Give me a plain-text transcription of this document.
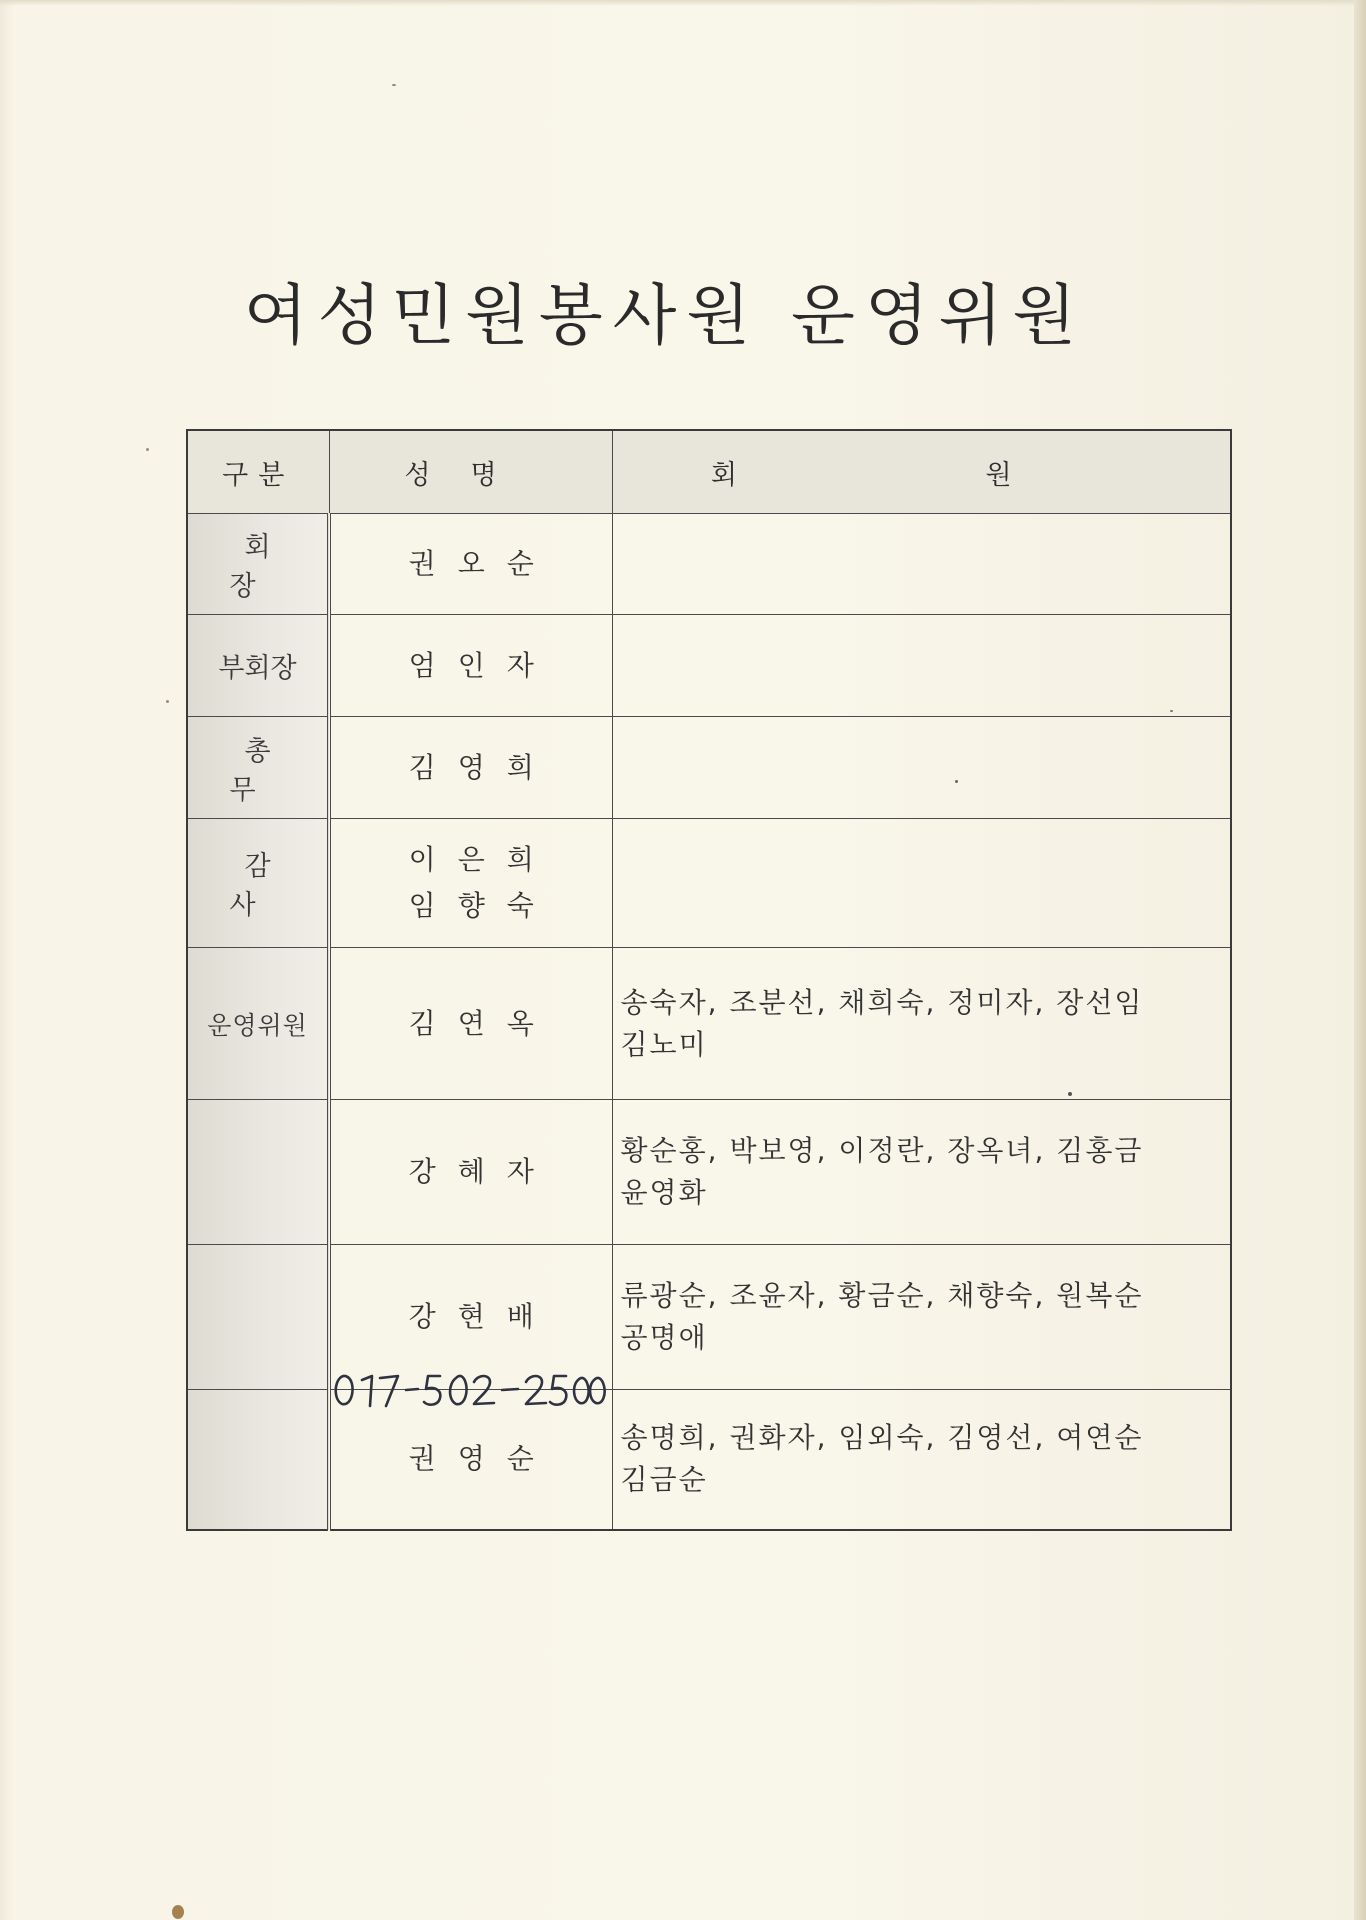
여성민원봉사원 운영위원
구분	성명	회 원
회 장	권오순	

부회장	엄인자	

총 무	김영희	

감 사	이은희
임향숙	

운영위원	김연옥	송숙자, 조분선, 채희숙, 정미자, 장선임
김노미

	강혜자	황순홍, 박보영, 이정란, 장옥녀, 김홍금
윤영화

	강현배	류광순, 조윤자, 황금순, 채향숙, 원복순
공명애

	권영순	송명희, 권화자, 임외숙, 김영선, 여연순
김금순
